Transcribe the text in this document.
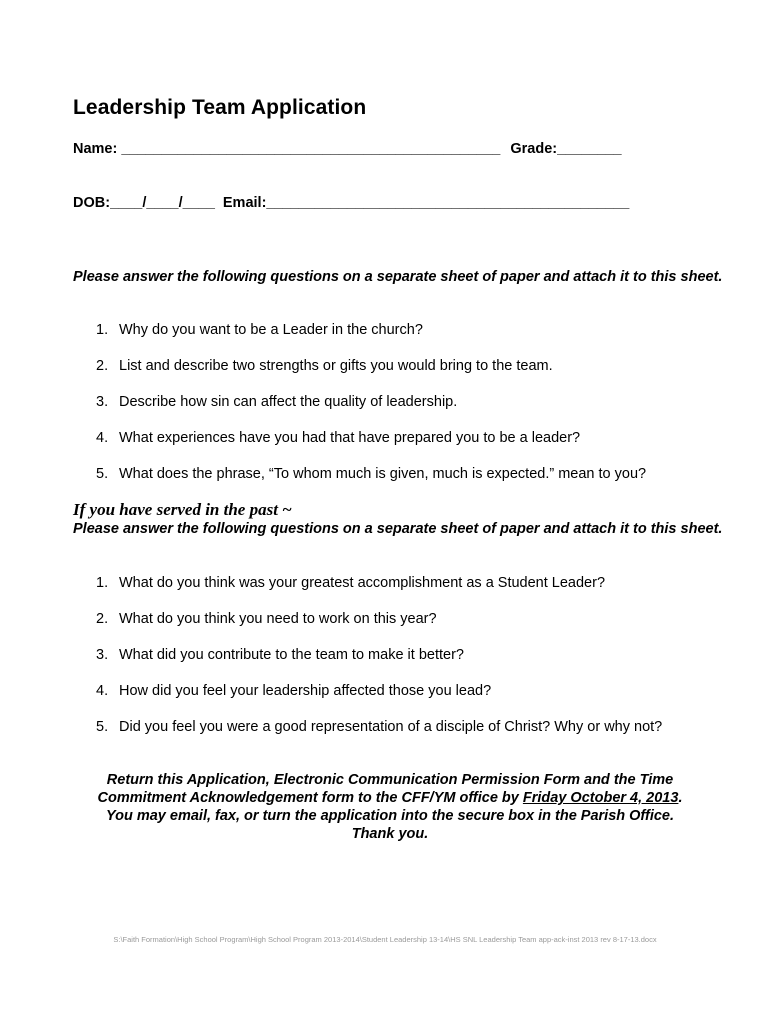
Leadership Team Application
Name:_______________________________________________ Grade:________
DOB:____/____/____ Email:_____________________________________________
Please answer the following questions on a separate sheet of paper and attach it to this sheet.
1. Why do you want to be a Leader in the church?
2. List and describe two strengths or gifts you would bring to the team.
3. Describe how sin can affect the quality of leadership.
4. What experiences have you had that have prepared you to be a leader?
5. What does the phrase, “To whom much is given, much is expected.” mean to you?
If you have served in the past ~
Please answer the following questions on a separate sheet of paper and attach it to this sheet.
1. What do you think was your greatest accomplishment as a Student Leader?
2. What do you think you need to work on this year?
3. What did you contribute to the team to make it better?
4. How did you feel your leadership affected those you lead?
5. Did you feel you were a good representation of a disciple of Christ? Why or why not?
Return this Application, Electronic Communication Permission Form and the Time
Commitment Acknowledgement form to the CFF/YM office by Friday October 4, 2013.
You may email, fax, or turn the application into the secure box in the Parish Office.
Thank you.
S:\Faith Formation\High School Program\High School Program 2013-2014\Student Leadership 13-14\HS SNL Leadership Team app-ack-inst 2013 rev 8-17-13.docx
